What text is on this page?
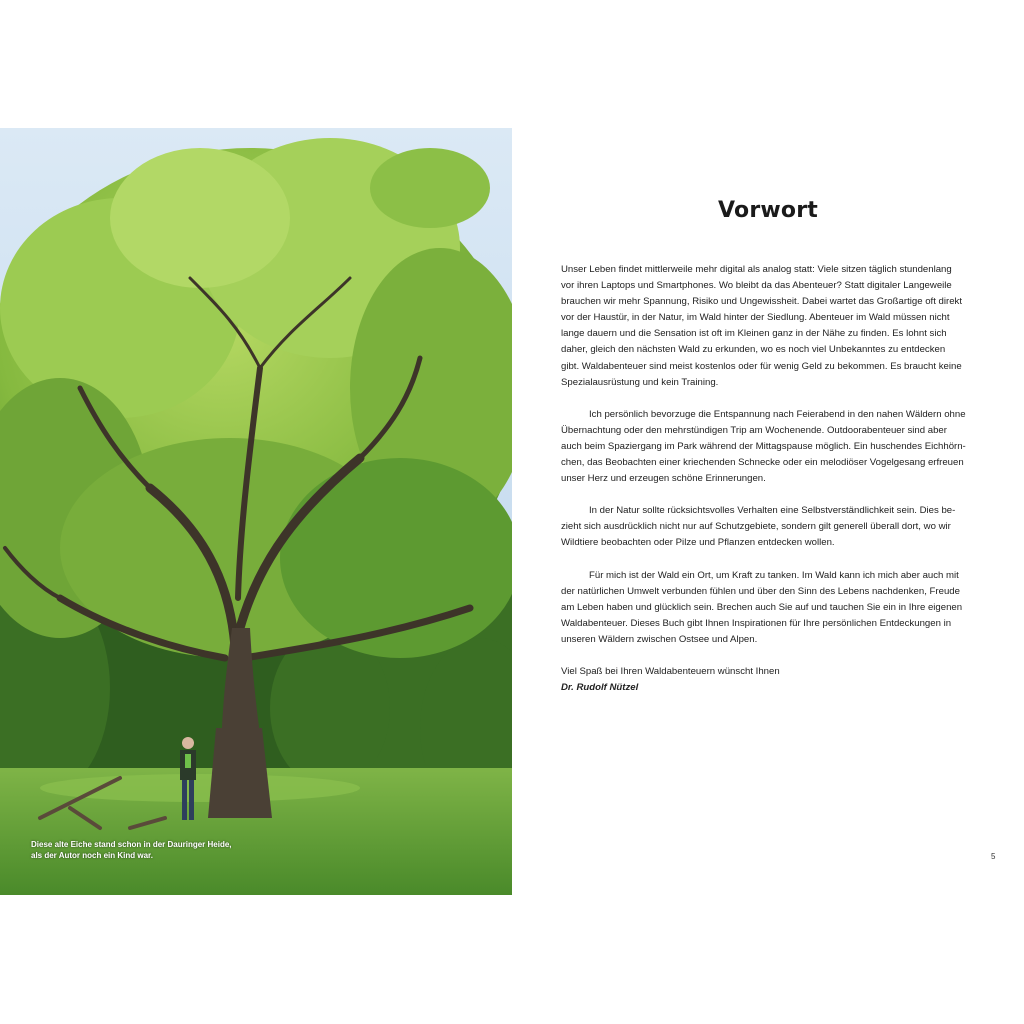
Diese alte Eiche stand schon in der Dauringer Heide,
als der Autor noch ein Kind war.
Vorwort

Unser Leben findet mittlerweile mehr digital als analog statt: Viele sitzen täglich stundenlang
vor ihren Laptops und Smartphones. Wo bleibt da das Abenteuer? Statt digitaler Langeweile
brauchen wir mehr Spannung, Risiko und Ungewissheit. Dabei wartet das Großartige oft direkt
vor der Haustür, in der Natur, im Wald hinter der Siedlung. Abenteuer im Wald müssen nicht
lange dauern und die Sensation ist oft im Kleinen ganz in der Nähe zu finden. Es lohnt sich
daher, gleich den nächsten Wald zu erkunden, wo es noch viel Unbekanntes zu entdecken
gibt. Waldabenteuer sind meist kostenlos oder für wenig Geld zu bekommen. Es braucht keine
Spezialausrüstung und kein Training.

Ich persönlich bevorzuge die Entspannung nach Feierabend in den nahen Wäldern ohne
Übernachtung oder den mehrstündigen Trip am Wochenende. Outdoorabenteuer sind aber
auch beim Spaziergang im Park während der Mittagspause möglich. Ein huschendes Eichhörn-
chen, das Beobachten einer kriechenden Schnecke oder ein melodiöser Vogelgesang erfreuen
unser Herz und erzeugen schöne Erinnerungen.

In der Natur sollte rücksichtsvolles Verhalten eine Selbstverständlichkeit sein. Dies be-
zieht sich ausdrücklich nicht nur auf Schutzgebiete, sondern gilt generell überall dort, wo wir
Wildtiere beobachten oder Pilze und Pflanzen entdecken wollen.

Für mich ist der Wald ein Ort, um Kraft zu tanken. Im Wald kann ich mich aber auch mit
der natürlichen Umwelt verbunden fühlen und über den Sinn des Lebens nachdenken, Freude
am Leben haben und glücklich sein. Brechen auch Sie auf und tauchen Sie ein in Ihre eigenen
Waldabenteuer. Dieses Buch gibt Ihnen Inspirationen für Ihre persönlichen Entdeckungen in
unseren Wäldern zwischen Ostsee und Alpen.

Viel Spaß bei Ihren Waldabenteuern wünscht Ihnen
Dr. Rudolf Nützel

5
